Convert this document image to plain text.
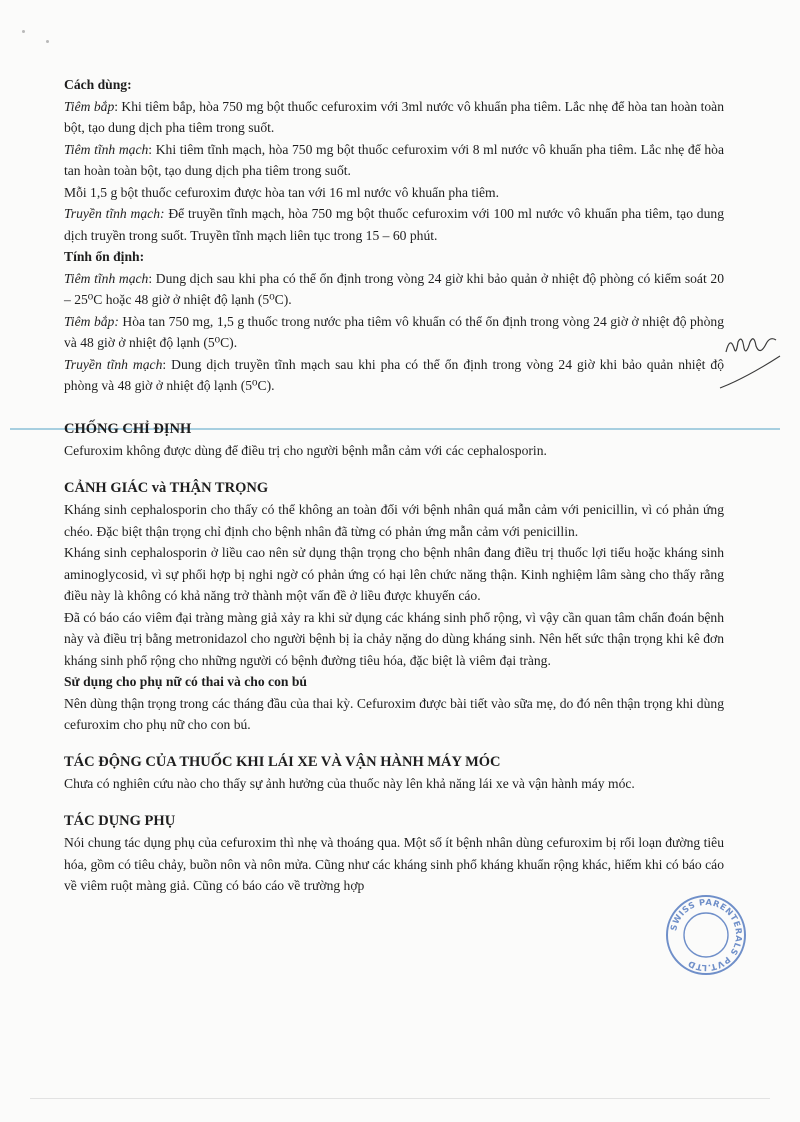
Cách dùng:

Tiêm bắp: Khi tiêm bắp, hòa 750 mg bột thuốc cefuroxim với 3ml nước vô khuẩn pha tiêm. Lắc nhẹ để hòa tan hoàn toàn bột, tạo dung dịch pha tiêm trong suốt.

Tiêm tĩnh mạch: Khi tiêm tĩnh mạch, hòa 750 mg bột thuốc cefuroxim với 8 ml nước vô khuẩn pha tiêm. Lắc nhẹ để hòa tan hoàn toàn bột, tạo dung dịch pha tiêm trong suốt.

Mỗi 1,5 g bột thuốc cefuroxim được hòa tan với 16 ml nước vô khuẩn pha tiêm.

Truyền tĩnh mạch: Để truyền tĩnh mạch, hòa 750 mg bột thuốc cefuroxim với 100 ml nước vô khuẩn pha tiêm, tạo dung dịch truyền trong suốt. Truyền tĩnh mạch liên tục trong 15 – 60 phút.

Tính ổn định:

Tiêm tĩnh mạch: Dung dịch sau khi pha có thể ổn định trong vòng 24 giờ khi bảo quản ở nhiệt độ phòng có kiểm soát 20 – 25⁰C hoặc 48 giờ ở nhiệt độ lạnh (5⁰C).

Tiêm bắp: Hòa tan 750 mg, 1,5 g thuốc trong nước pha tiêm vô khuẩn có thể ổn định trong vòng 24 giờ ở nhiệt độ phòng và 48 giờ ở nhiệt độ lạnh (5⁰C).

Truyền tĩnh mạch: Dung dịch truyền tĩnh mạch sau khi pha có thể ổn định trong vòng 24 giờ khi bảo quản nhiệt độ phòng và 48 giờ ở nhiệt độ lạnh (5⁰C).

CHỐNG CHỈ ĐỊNH

Cefuroxim không được dùng để điều trị cho người bệnh mẫn cảm với các cephalosporin.

CẢNH GIÁC và THẬN TRỌNG

Kháng sinh cephalosporin cho thấy có thể không an toàn đối với bệnh nhân quá mẫn cảm với penicillin, vì có phản ứng chéo. Đặc biệt thận trọng chỉ định cho bệnh nhân đã từng có phản ứng mẫn cảm với penicillin.

Kháng sinh cephalosporin ở liều cao nên sử dụng thận trọng cho bệnh nhân đang điều trị thuốc lợi tiểu hoặc kháng sinh aminoglycosid, vì sự phối hợp bị nghi ngờ có phản ứng có hại lên chức năng thận. Kinh nghiệm lâm sàng cho thấy rằng điều này là không có khả năng trở thành một vấn đề ở liều được khuyến cáo.

Đã có báo cáo viêm đại tràng màng giả xảy ra khi sử dụng các kháng sinh phổ rộng, vì vậy cần quan tâm chẩn đoán bệnh này và điều trị bằng metronidazol cho người bệnh bị ỉa chảy nặng do dùng kháng sinh. Nên hết sức thận trọng khi kê đơn kháng sinh phổ rộng cho những người có bệnh đường tiêu hóa, đặc biệt là viêm đại tràng.

Sử dụng cho phụ nữ có thai và cho con bú

Nên dùng thận trọng trong các tháng đầu của thai kỳ. Cefuroxim được bài tiết vào sữa mẹ, do đó nên thận trọng khi dùng cefuroxim cho phụ nữ cho con bú.

TÁC ĐỘNG CỦA THUỐC KHI LÁI XE VÀ VẬN HÀNH MÁY MÓC

Chưa có nghiên cứu nào cho thấy sự ảnh hưởng của thuốc này lên khả năng lái xe và vận hành máy móc.

TÁC DỤNG PHỤ

Nói chung tác dụng phụ của cefuroxim thì nhẹ và thoáng qua. Một số ít bệnh nhân dùng cefuroxim bị rối loạn đường tiêu hóa, gồm có tiêu chảy, buồn nôn và nôn mửa. Cũng như các kháng sinh phổ kháng khuẩn rộng khác, hiếm khi có báo cáo về viêm ruột màng giả. Cũng có báo cáo về trường hợp

SWISS PARENTERALS PVT.LTD
